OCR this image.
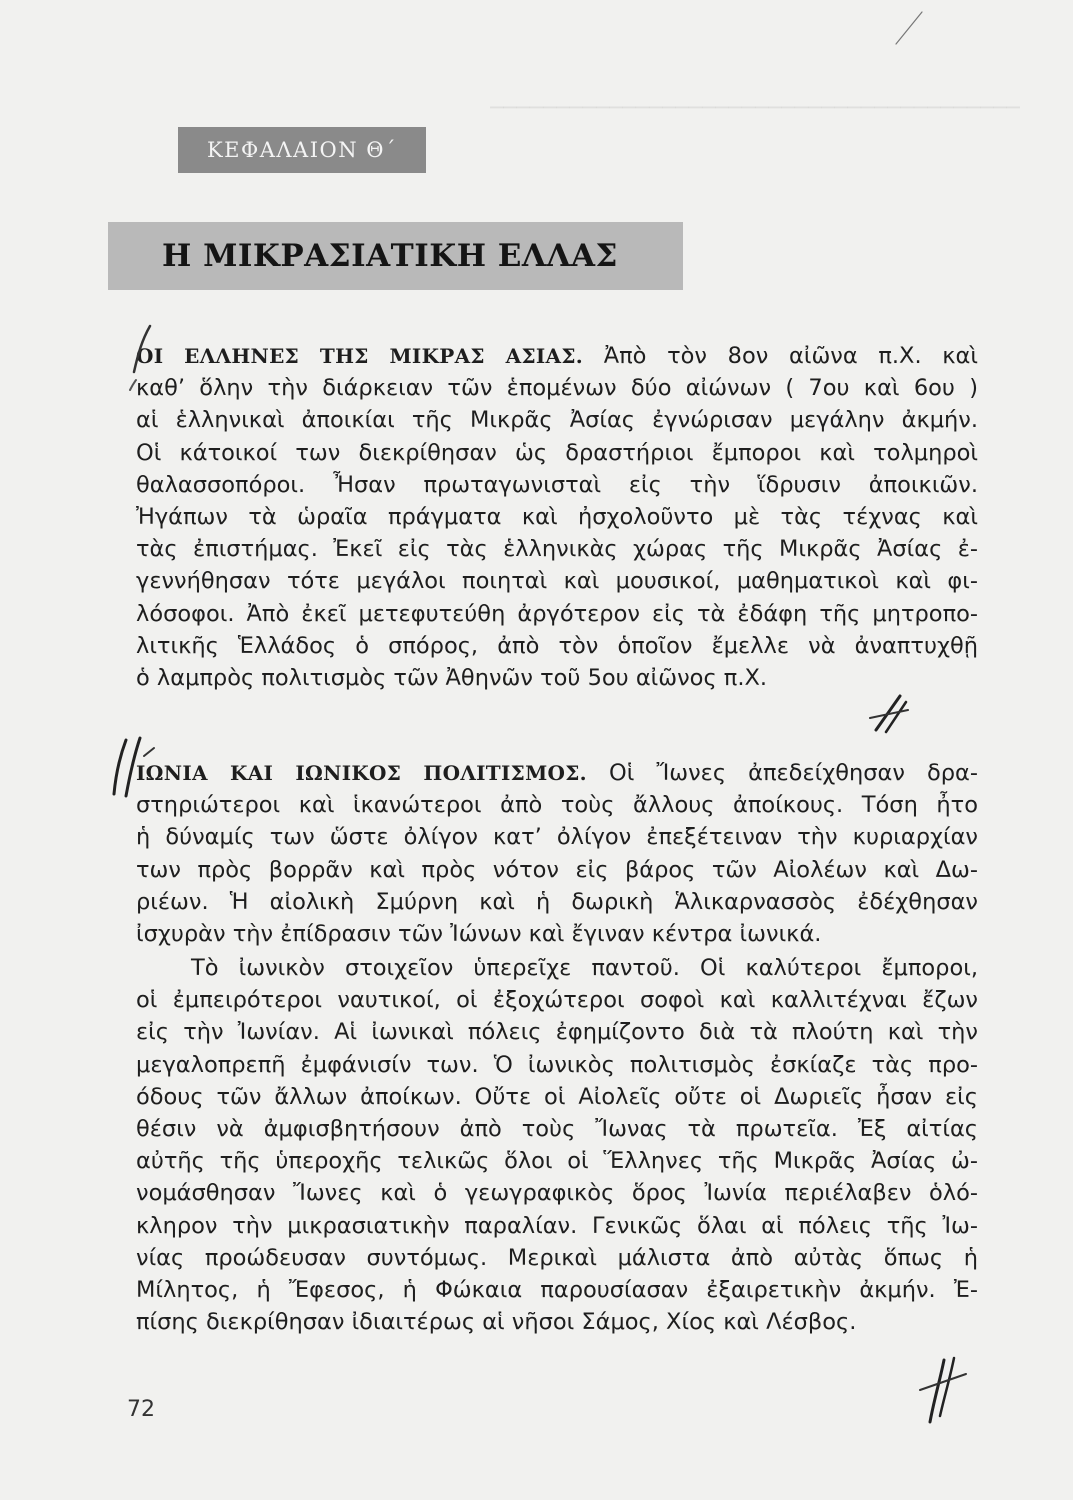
────────────────────────────────────────
ΚΕΦΑΛΑΙΟΝ Θ΄
Η ΜΙΚΡΑΣΙΑΤΙΚΗ ΕΛΛΑΣ
ΟΙ ΕΛΛΗΝΕΣ ΤΗΣ ΜΙΚΡΑΣ ΑΣΙΑΣ. Ἀπὸ τὸν 8ον αἰῶνα π.Χ. καὶ
καθ’ ὅλην τὴν διάρκειαν τῶν ἑπομένων δύο αἰώνων ( 7ου καὶ 6ου )
αἱ ἑλληνικαὶ ἀποικίαι τῆς Μικρᾶς Ἀσίας ἐγνώρισαν μεγάλην ἀκμήν.
Οἱ κάτοικοί των διεκρίθησαν ὡς δραστήριοι ἔμποροι καὶ τολμηροὶ
θαλασσοπόροι. Ἦσαν πρωταγωνισταὶ εἰς τὴν ἵδρυσιν ἀποικιῶν.
Ἠγάπων τὰ ὡραῖα πράγματα καὶ ἠσχολοῦντο μὲ τὰς τέχνας καὶ
τὰς ἐπιστήμας. Ἐκεῖ εἰς τὰς ἑλληνικὰς χώρας τῆς Μικρᾶς Ἀσίας ἐ-
γεννήθησαν τότε μεγάλοι ποιηταὶ καὶ μουσικοί, μαθηματικοὶ καὶ φι-
λόσοφοι. Ἀπὸ ἐκεῖ μετεφυτεύθη ἀργότερον εἰς τὰ ἐδάφη τῆς μητροπο-
λιτικῆς Ἑλλάδος ὁ σπόρος, ἀπὸ τὸν ὁποῖον ἔμελλε νὰ ἀναπτυχθῇ
ὁ λαμπρὸς πολιτισμὸς τῶν Ἀθηνῶν τοῦ 5ου αἰῶνος π.Χ.
ΙΩΝΙΑ ΚΑΙ ΙΩΝΙΚΟΣ ΠΟΛΙΤΙΣΜΟΣ. Οἱ Ἴωνες ἀπεδείχθησαν δρα-
στηριώτεροι καὶ ἱκανώτεροι ἀπὸ τοὺς ἄλλους ἀποίκους. Τόση ἦτο
ἡ δύναμίς των ὥστε ὀλίγον κατ’ ὀλίγον ἐπεξέτειναν τὴν κυριαρχίαν
των πρὸς βορρᾶν καὶ πρὸς νότον εἰς βάρος τῶν Αἰολέων καὶ Δω-
ριέων. Ἡ αἰολικὴ Σμύρνη καὶ ἡ δωρικὴ Ἁλικαρνασσὸς ἐδέχθησαν
ἰσχυρὰν τὴν ἐπίδρασιν τῶν Ἰώνων καὶ ἔγιναν κέντρα ἰωνικά.
Τὸ ἰωνικὸν στοιχεῖον ὑπερεῖχε παντοῦ. Οἱ καλύτεροι ἔμποροι,
οἱ ἐμπειρότεροι ναυτικοί, οἱ ἐξοχώτεροι σοφοὶ καὶ καλλιτέχναι ἔζων
εἰς τὴν Ἰωνίαν. Αἱ ἰωνικαὶ πόλεις ἐφημίζοντο διὰ τὰ πλούτη καὶ τὴν
μεγαλοπρεπῆ ἐμφάνισίν των. Ὁ ἰωνικὸς πολιτισμὸς ἐσκίαζε τὰς προ-
όδους τῶν ἄλλων ἀποίκων. Οὔτε οἱ Αἰολεῖς οὔτε οἱ Δωριεῖς ἦσαν εἰς
θέσιν νὰ ἀμφισβητήσουν ἀπὸ τοὺς Ἴωνας τὰ πρωτεῖα. Ἐξ αἰτίας
αὐτῆς τῆς ὑπεροχῆς τελικῶς ὅλοι οἱ Ἕλληνες τῆς Μικρᾶς Ἀσίας ὠ-
νομάσθησαν Ἴωνες καὶ ὁ γεωγραφικὸς ὅρος Ἰωνία περιέλαβεν ὁλό-
κληρον τὴν μικρασιατικὴν παραλίαν. Γενικῶς ὅλαι αἱ πόλεις τῆς Ἰω-
νίας προώδευσαν συντόμως. Μερικαὶ μάλιστα ἀπὸ αὐτὰς ὅπως ἡ
Μίλητος, ἡ Ἔφεσος, ἡ Φώκαια παρουσίασαν ἐξαιρετικὴν ἀκμήν. Ἐ-
πίσης διεκρίθησαν ἰδιαιτέρως αἱ νῆσοι Σάμος, Χίος καὶ Λέσβος.
72
